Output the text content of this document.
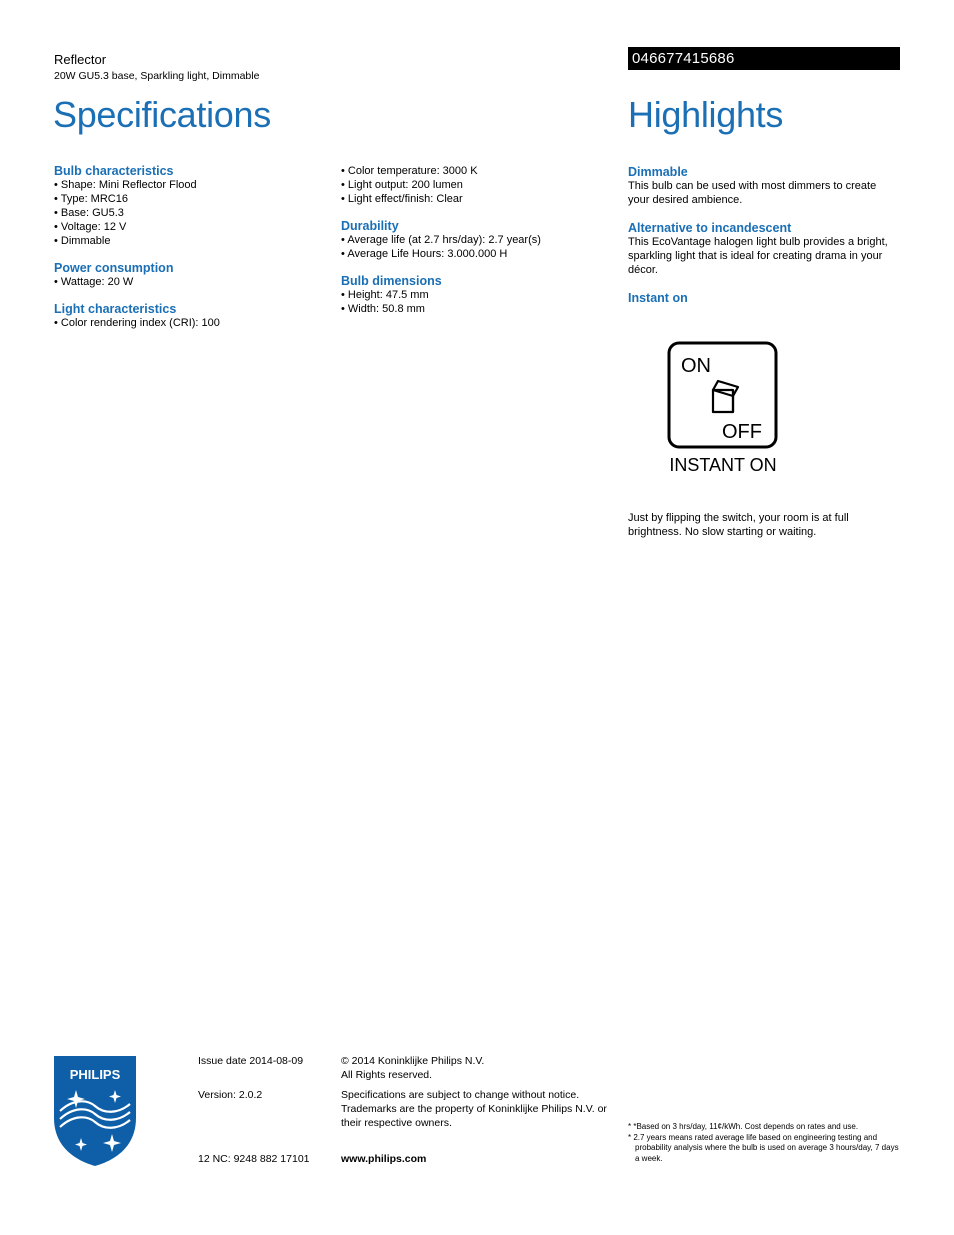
Reflector
20W GU5.3 base, Sparkling light, Dimmable
046677415686
Specifications	Highlights
Bulb characteristics
• Shape: Mini Reflector Flood
• Type: MRC16
• Base: GU5.3
• Voltage: 12 V
• Dimmable
Power consumption
• Wattage: 20 W
Light characteristics
• Color rendering index (CRI): 100
• Color temperature: 3000 K
• Light output: 200 lumen
• Light effect/finish: Clear
Durability
• Average life (at 2.7 hrs/day): 2.7 year(s)
• Average Life Hours: 3.000.000 H
Bulb dimensions
• Height: 47.5 mm
• Width: 50.8 mm
Dimmable
This bulb can be used with most dimmers to create your desired ambience.
Alternative to incandescent
This EcoVantage halogen light bulb provides a bright, sparkling light that is ideal for creating drama in your décor.
Instant on
ON
OFF
INSTANT ON
Just by flipping the switch, your room is at full brightness. No slow starting or waiting.
PHILIPS
Issue date 2014-08-09
Version: 2.0.2
12 NC: 9248 882 17101
© 2014 Koninklijke Philips N.V.
All Rights reserved.
Specifications are subject to change without notice. Trademarks are the property of Koninklijke Philips N.V. or their respective owners.
www.philips.com
* *Based on 3 hrs/day, 11¢/kWh. Cost depends on rates and use.
* 2.7 years means rated average life based on engineering testing and probability analysis where the bulb is used on average 3 hours/day, 7 days a week.
